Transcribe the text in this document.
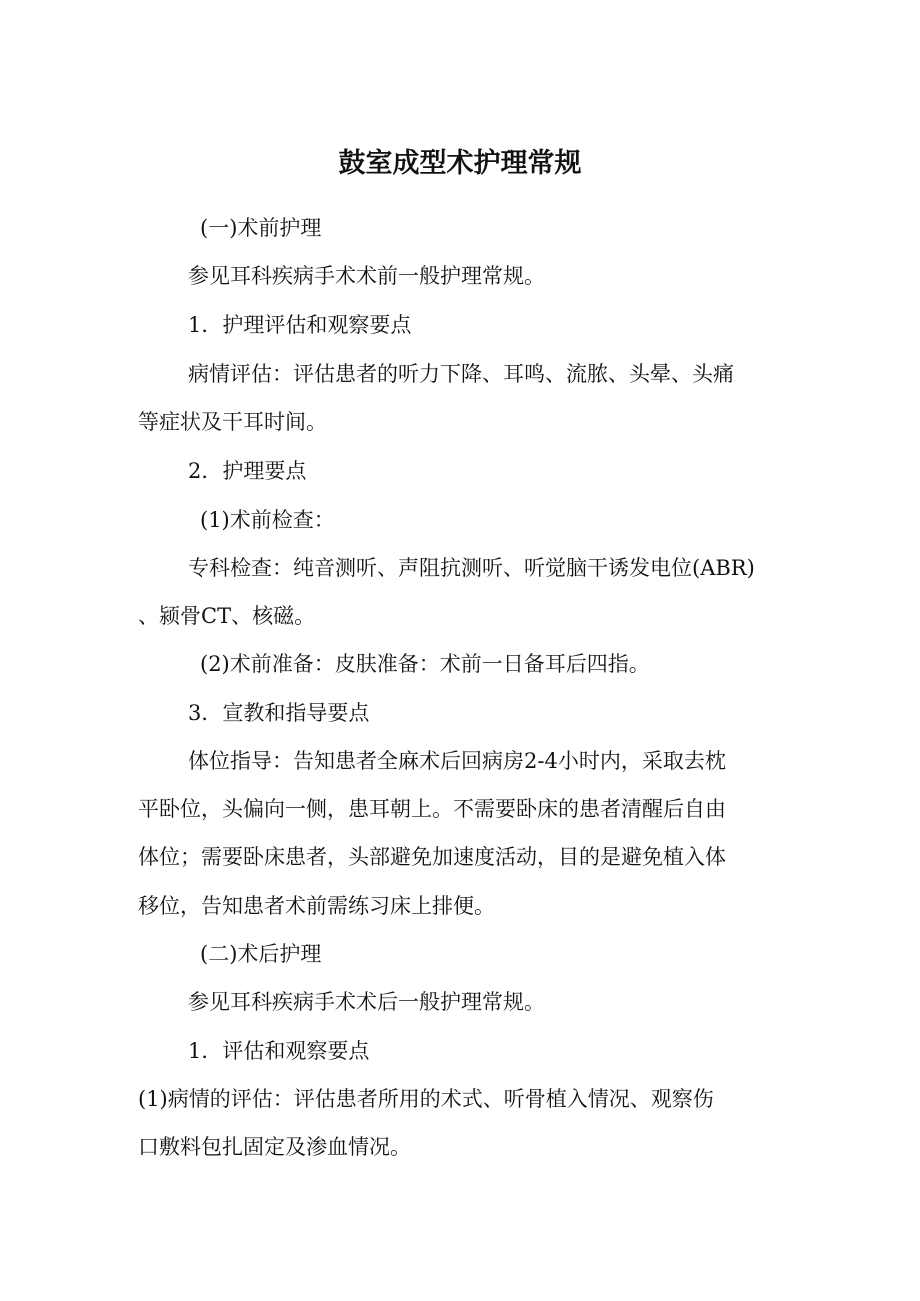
鼓室成型术护理常规
(一)术前护理
参见耳科疾病手术术前一般护理常规。
1．护理评估和观察要点
病情评估：评估患者的听力下降、耳鸣、流脓、头晕、头痛
等症状及干耳时间。
2．护理要点
(1)术前检查：
专科检查：纯音测听、声阻抗测听、听觉脑干诱发电位(ABR)
、颍骨CT、核磁。
(2)术前准备：皮肤准备：术前一日备耳后四指。
3．宣教和指导要点
体位指导：告知患者全麻术后回病房2-4小时内，采取去枕
平卧位，头偏向一侧，患耳朝上。不需要卧床的患者清醒后自由
体位；需要卧床患者，头部避免加速度活动，目的是避免植入体
移位，告知患者术前需练习床上排便。
(二)术后护理
参见耳科疾病手术术后一般护理常规。
1．评估和观察要点
(1)病情的评估：评估患者所用的术式、听骨植入情况、观察伤
口敷料包扎固定及渗血情况。
